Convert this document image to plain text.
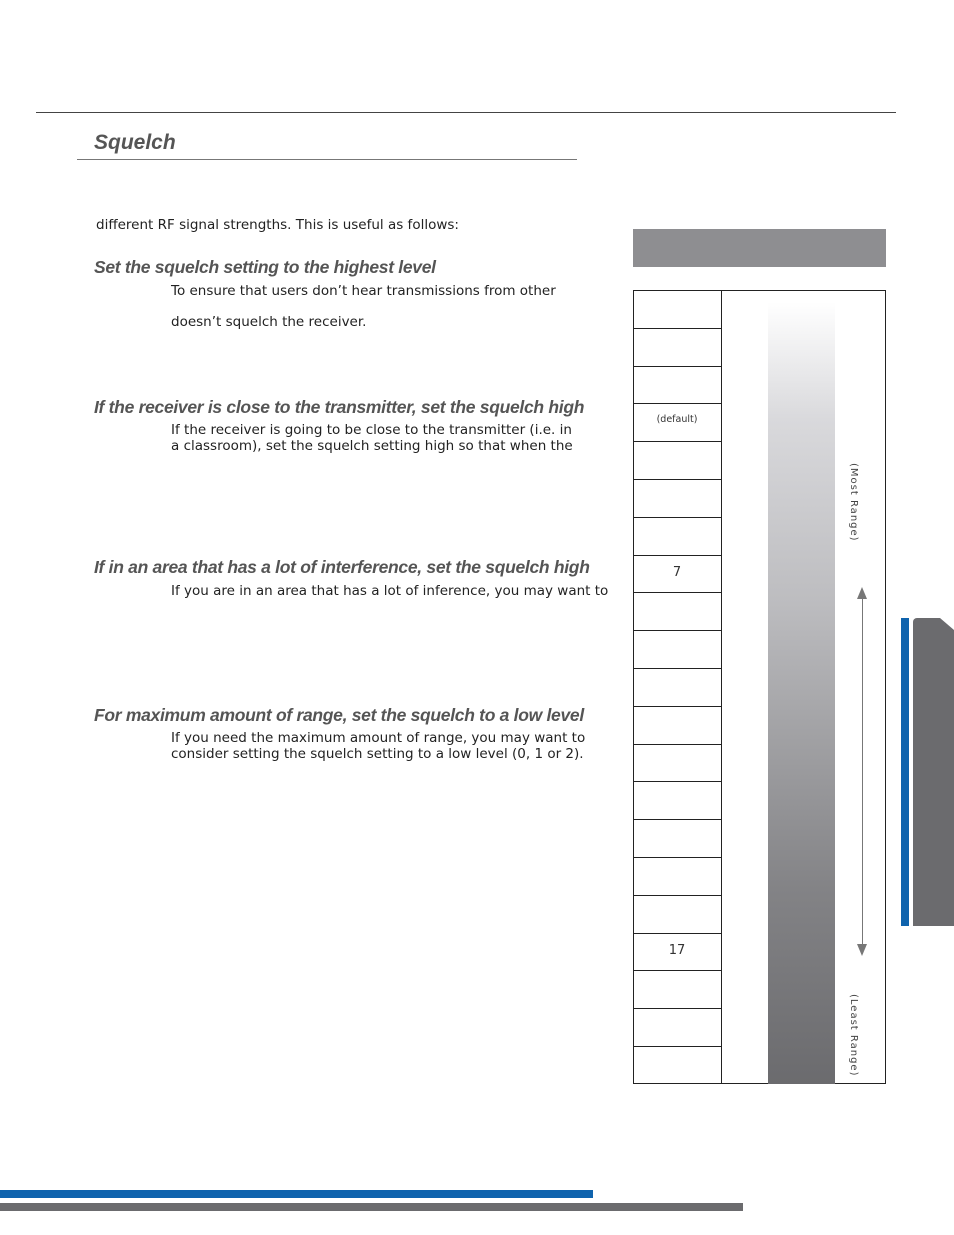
Squelch
different RF signal strengths. This is useful as follows:
Set the squelch setting to the highest level
To ensure that users don’t hear transmissions from other
doesn’t squelch the receiver.
If the receiver is close to the transmitter, set the squelch high
If the receiver is going to be close to the transmitter (i.e. in
a classroom), set the squelch setting high so that when the
If in an area that has a lot of interference, set the squelch high
If you are in an area that has a lot of inference, you may want to
For maximum amount of range, set the squelch to a low level
If you need the maximum amount of range, you may want to
consider setting the squelch setting to a low level (0, 1 or 2).
(default)
7
17
(Most Range)
(Least Range)
